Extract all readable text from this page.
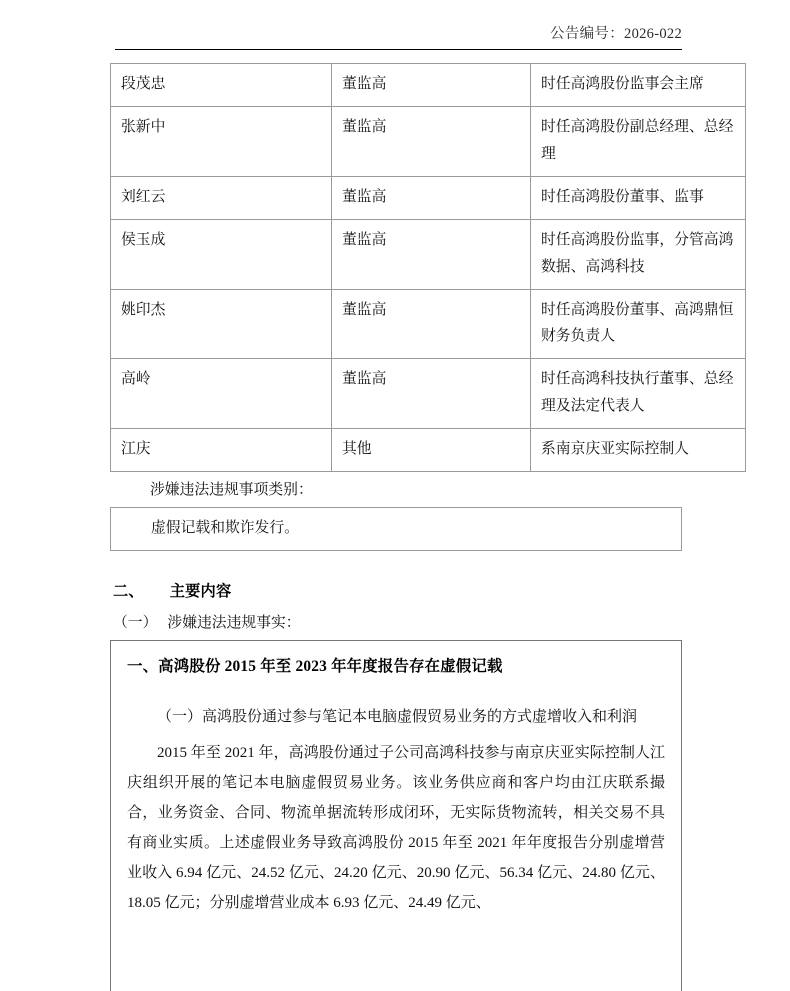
公告编号：2026-022
段茂忠	董监高	时任高鸿股份监事会主席

张新中	董监高	时任高鸿股份副总经理、总经理

刘红云	董监高	时任高鸿股份董事、监事

侯玉成	董监高	时任高鸿股份监事，分管高鸿数据、高鸿科技

姚印杰	董监高	时任高鸿股份董事、高鸿鼎恒财务负责人

高岭	董监高	时任高鸿科技执行董事、总经理及法定代表人

江庆	其他	系南京庆亚实际控制人
涉嫌违法违规事项类别：
虚假记载和欺诈发行。
二、 主要内容
（一） 涉嫌违法违规事实：
一、高鸿股份 2015 年至 2023 年年度报告存在虚假记载

（一）高鸿股份通过参与笔记本电脑虚假贸易业务的方式虚增收入和利润

2015 年至 2021 年，高鸿股份通过子公司高鸿科技参与南京庆亚实际控制人江庆组织开展的笔记本电脑虚假贸易业务。该业务供应商和客户均由江庆联系撮合，业务资金、合同、物流单据流转形成闭环，无实际货物流转，相关交易不具有商业实质。上述虚假业务导致高鸿股份 2015 年至 2021 年年度报告分别虚增营业收入 6.94 亿元、24.52 亿元、24.20 亿元、20.90 亿元、56.34 亿元、24.80 亿元、18.05 亿元；分别虚增营业成本 6.93 亿元、24.49 亿元、
